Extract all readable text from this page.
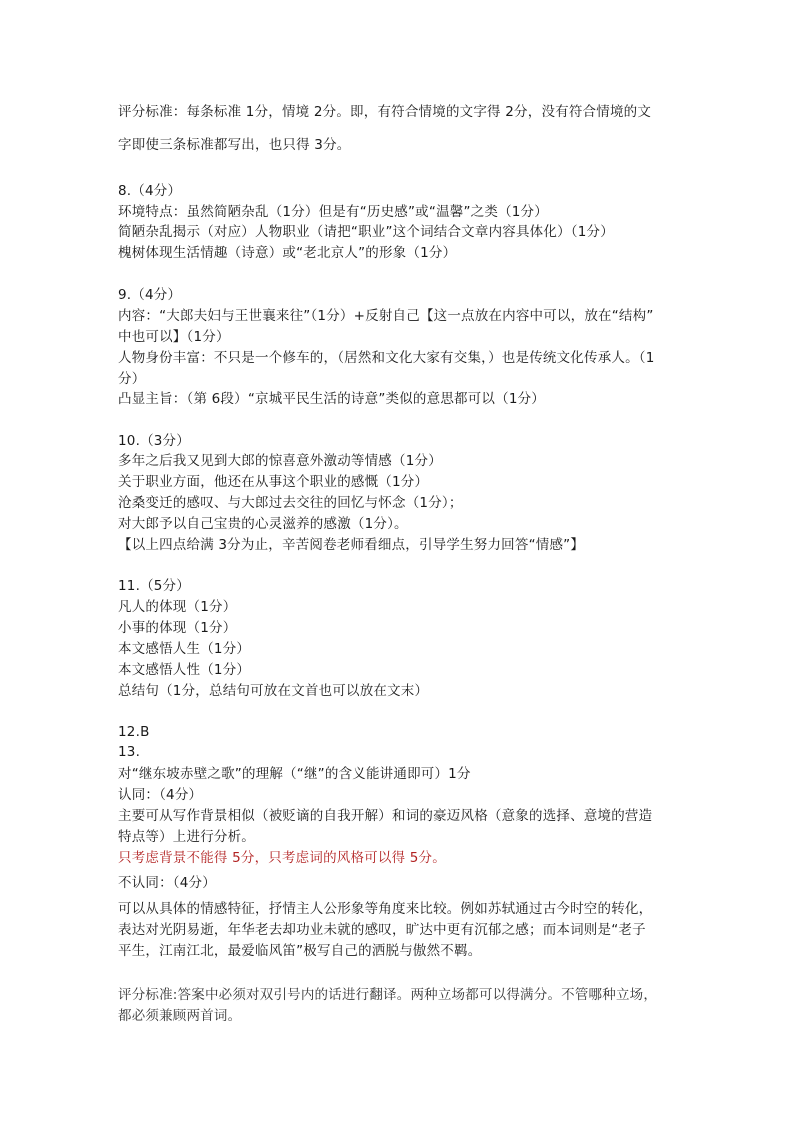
评分标准：每条标准 1分，情境 2分。即，有符合情境的文字得 2分，没有符合情境的文

字即使三条标准都写出，也只得 3分。

8.（4分）

环境特点：虽然简陋杂乱（1分）但是有“历史感”或“温馨”之类（1分）

简陋杂乱揭示（对应）人物职业（请把“职业”这个词结合文章内容具体化）（1分）

槐树体现生活情趣（诗意）或“老北京人”的形象（1分）

9.（4分）

内容：“大郎夫妇与王世襄来往”（1分）+反射自己【这一点放在内容中可以，放在“结构”

中也可以】（1分）

人物身份丰富：不只是一个修车的，（居然和文化大家有交集，）也是传统文化传承人。（1

分）

凸显主旨：（第 6段）“京城平民生活的诗意”类似的意思都可以（1分）

10.（3分）

多年之后我又见到大郎的惊喜意外激动等情感（1分）

关于职业方面，他还在从事这个职业的感慨（1分）

沧桑变迁的感叹、与大郎过去交往的回忆与怀念（1分）；

对大郎予以自己宝贵的心灵滋养的感激（1分）。

【以上四点给满 3分为止，辛苦阅卷老师看细点，引导学生努力回答“情感”】

11.（5分）

凡人的体现（1分）

小事的体现（1分）

本文感悟人生（1分）

本文感悟人性（1分）

总结句（1分，总结句可放在文首也可以放在文末）

12.B

13.

对“继东坡赤壁之歌”的理解（“继”的含义能讲通即可）1分

认同：（4分）

主要可从写作背景相似（被贬谪的自我开解）和词的豪迈风格（意象的选择、意境的营造

特点等）上进行分析。

只考虑背景不能得 5分，只考虑词的风格可以得 5分。

不认同：（4分）

可以从具体的情感特征，抒情主人公形象等角度来比较。例如苏轼通过古今时空的转化，

表达对光阴易逝，年华老去却功业未就的感叹，旷达中更有沉郁之感；而本词则是“老子

平生，江南江北，最爱临风笛”极写自己的洒脱与傲然不羁。

评分标准:答案中必须对双引号内的话进行翻译。两种立场都可以得满分。不管哪种立场，

都必须兼顾两首词。
